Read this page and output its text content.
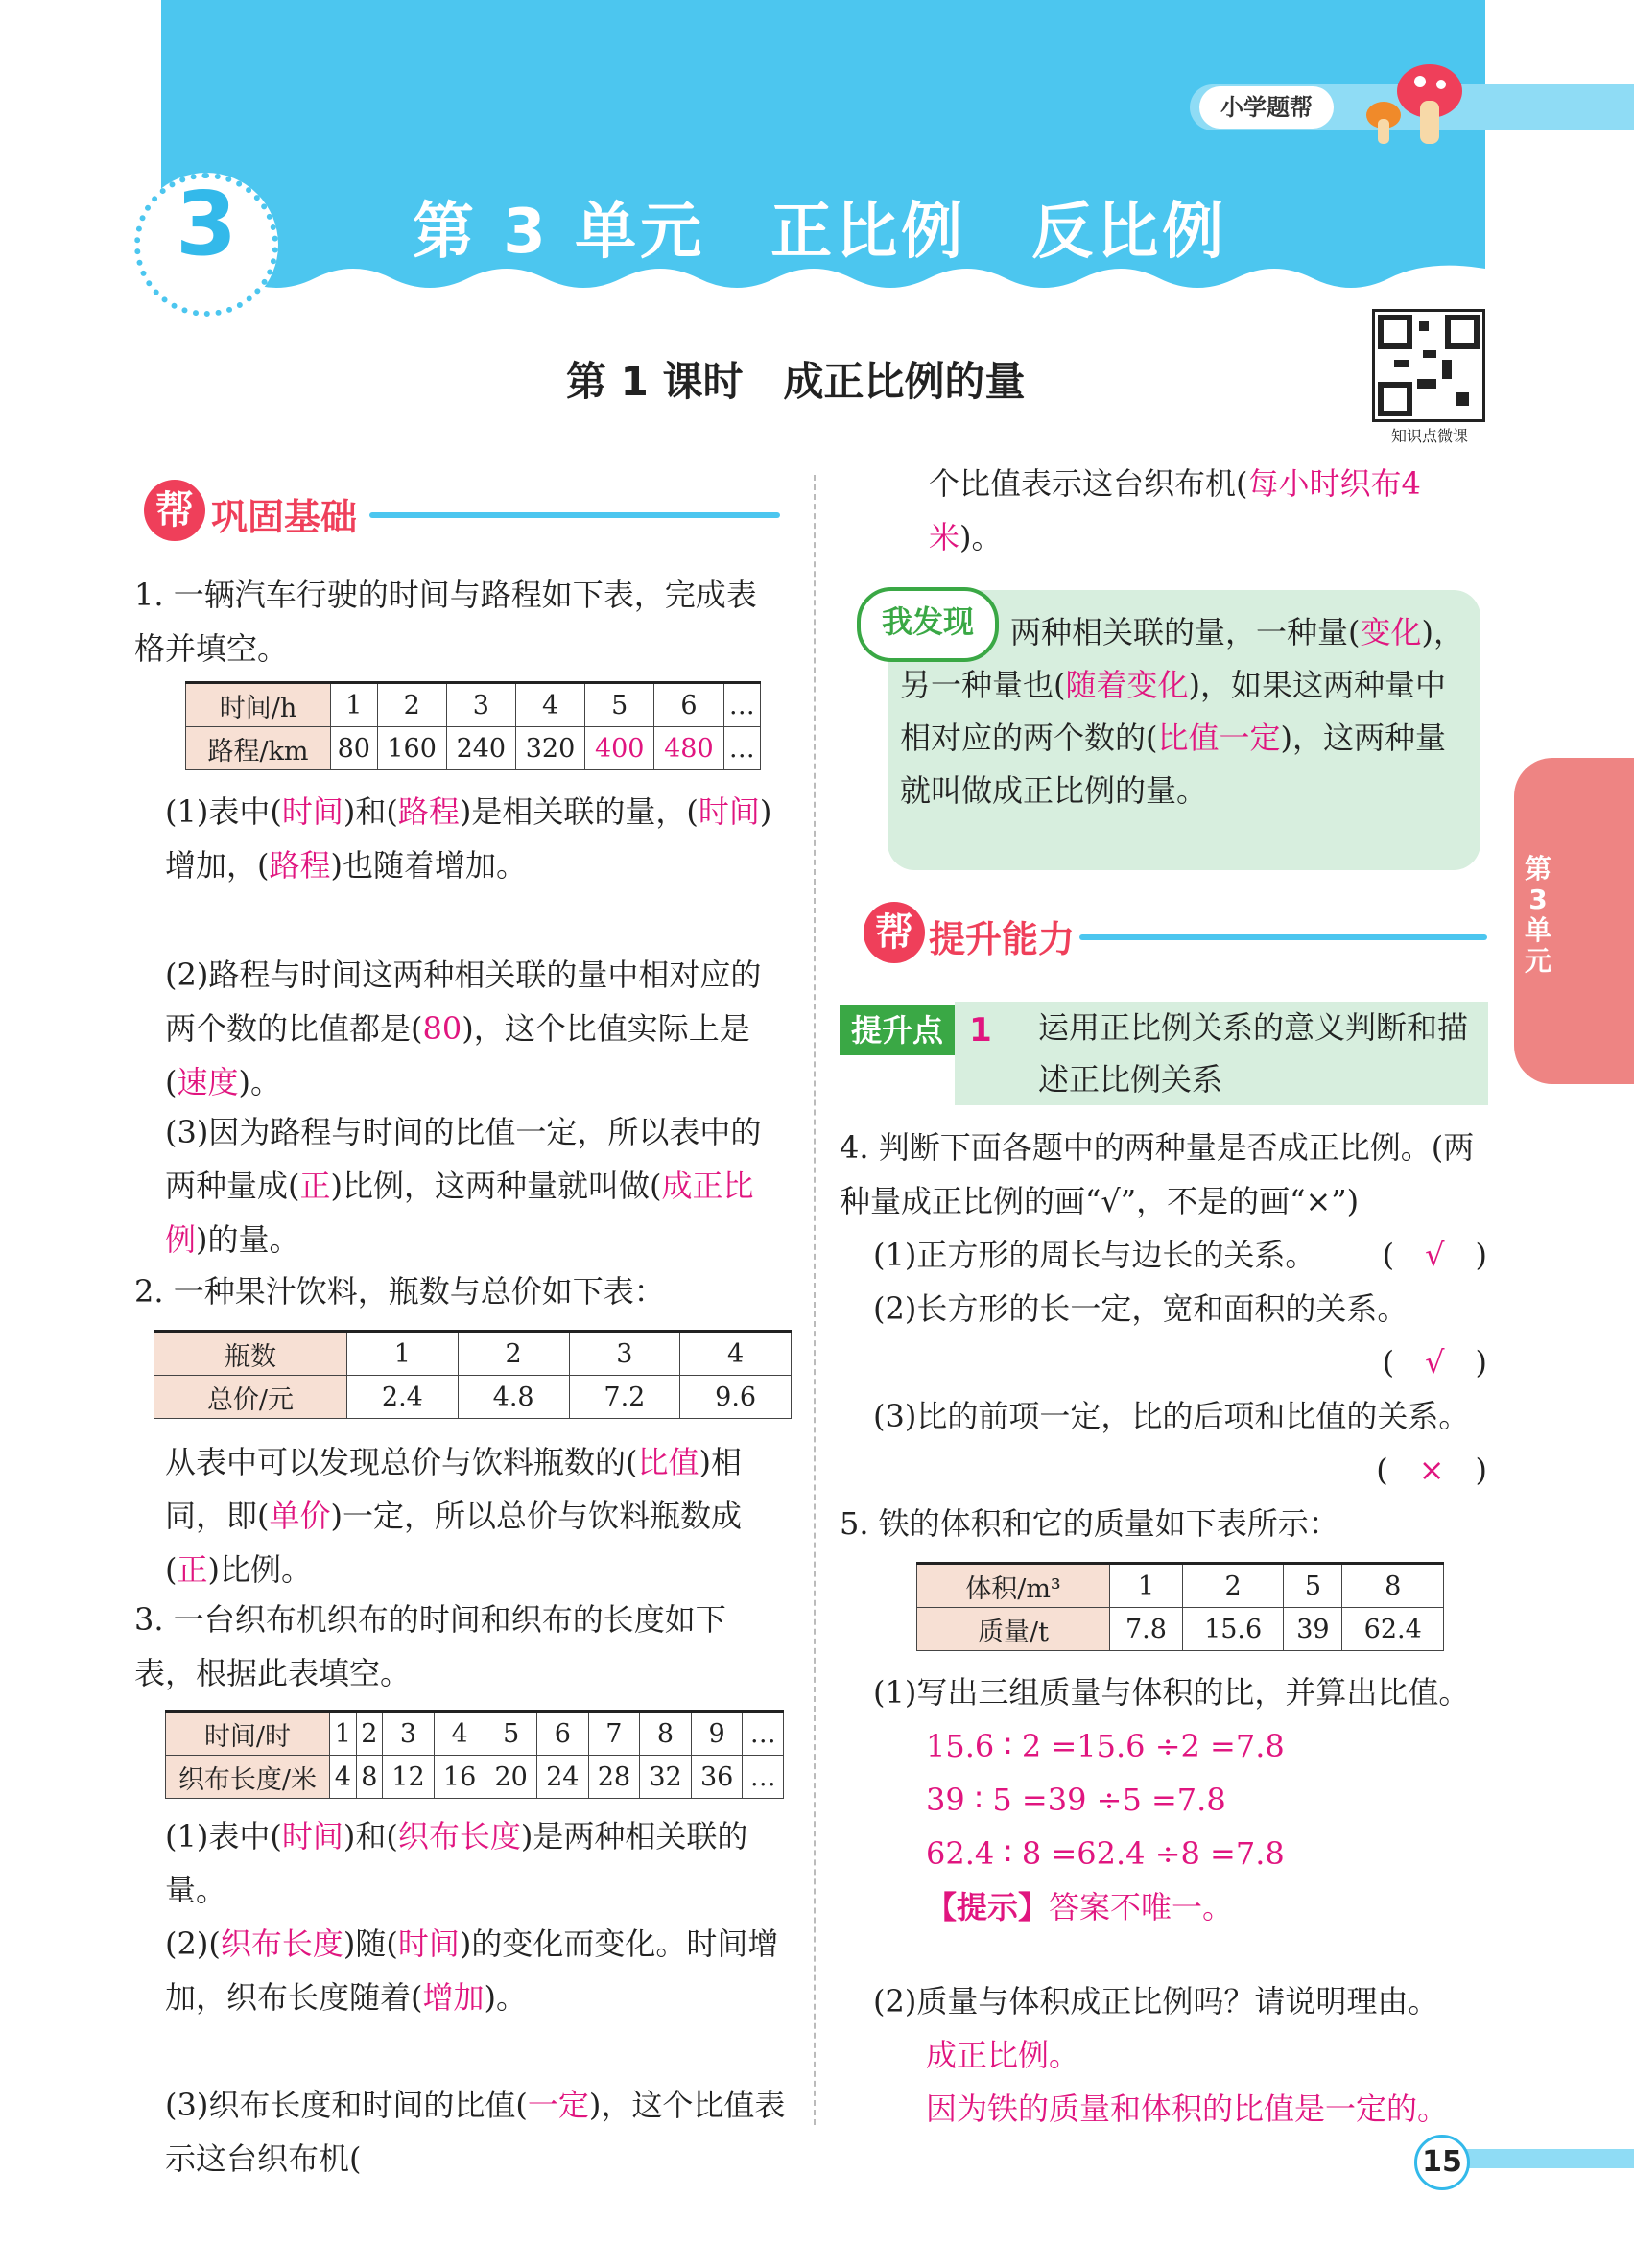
小学题帮
3	第 3 单元　正比例　反比例
第 1 课时　成正比例的量
知识点微课
帮 巩固基础
1. 一辆汽车行驶的时间与路程如下表，完成表格并填空。
时间/h	1	2	3	4	5	6	…
路程/km	80	160	240	320	400	480	…
(1)表中(时间)和(路程)是相关联的量，(时间)增加，(路程)也随着增加。
(2)路程与时间这两种相关联的量中相对应的两个数的比值都是(80)，这个比值实际上是(速度)。
(3)因为路程与时间的比值一定，所以表中的两种量成(正)比例，这两种量就叫做(成正比例)的量。
2. 一种果汁饮料，瓶数与总价如下表：
瓶数	1	2	3	4
总价/元	2.4	4.8	7.2	9.6
从表中可以发现总价与饮料瓶数的(比值)相同，即(单价)一定，所以总价与饮料瓶数成(正)比例。
3. 一台织布机织布的时间和织布的长度如下表，根据此表填空。
时间/时	1	2	3	4	5	6	7	8	9	…
织布长度/米	4	8	12	16	20	24	28	32	36	…
(1)表中(时间)和(织布长度)是两种相关联的量。
(2)(织布长度)随(时间)的变化而变化。时间增加，织布长度随着(增加)。
(3)织布长度和时间的比值(一定)，这个比值表示这台织布机(
个比值表示这台织布机(每小时织布4米)。
我发现	两种相关联的量，一种量(变化)，另一种量也(随着变化)，如果这两种量中相对应的两个数的(比值一定)，这两种量就叫做成正比例的量。
帮 提升能力
提升点 1	运用正比例关系的意义判断和描述正比例关系
4. 判断下面各题中的两种量是否成正比例。(两种量成正比例的画“√”，不是的画“×”)
(1)正方形的周长与边长的关系。 (　√　)
(2)长方形的长一定，宽和面积的关系。

(　√　)
(3)比的前项一定，比的后项和比值的关系。

(　×　)
5. 铁的体积和它的质量如下表所示：
体积/m³	1	2	5	8
质量/t	7.8	15.6	39	62.4
(1)写出三组质量与体积的比，并算出比值。
15.6 ∶ 2 =15.6 ÷2 =7.8
39 ∶ 5 =39 ÷5 =7.8
62.4 ∶ 8 =62.4 ÷8 =7.8
【提示】答案不唯一。
(2)质量与体积成正比例吗？请说明理由。
成正比例。
因为铁的质量和体积的比值是一定的。
第3单元
15
